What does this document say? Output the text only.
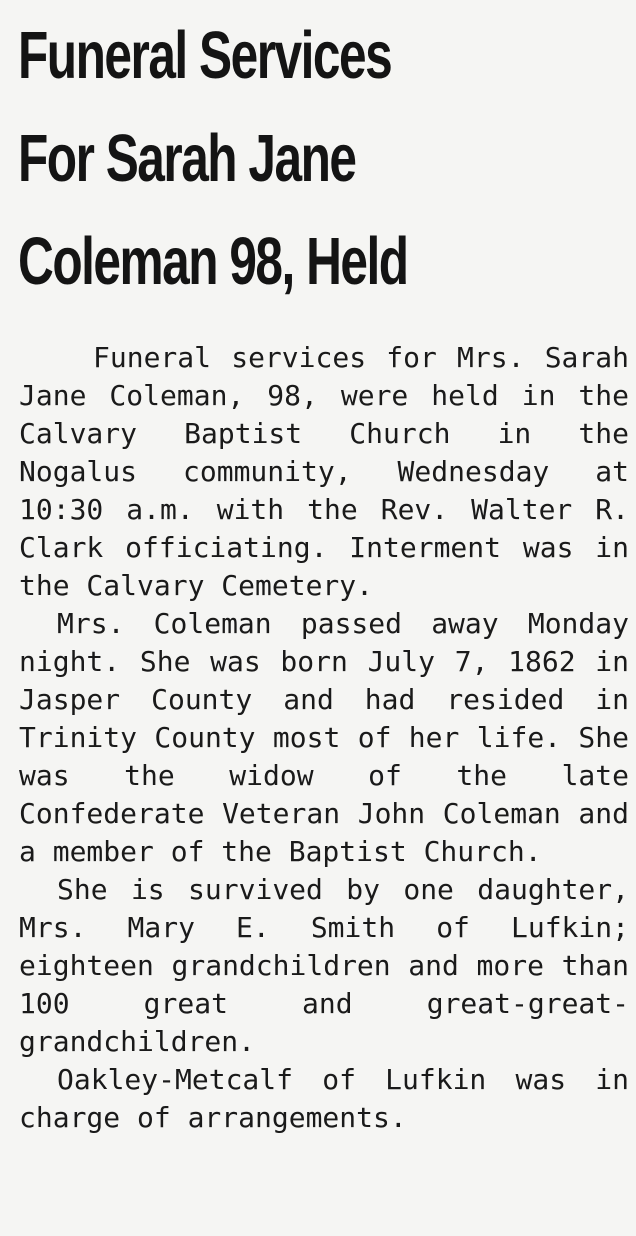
Funeral Services
For Sarah Jane
Coleman 98, Held

Funeral services for Mrs. Sarah Jane Coleman, 98, were held in the Calvary Baptist Church in the Nogalus community, Wednesday at 10:30 a.m. with the Rev. Walter R. Clark officiating. Interment was in the Calvary Cemetery.

Mrs. Coleman passed away Monday night. She was born July 7, 1862 in Jasper County and had resided in Trinity County most of her life. She was the widow of the late Confederate Veteran John Coleman and a member of the Baptist Church.

She is survived by one daughter, Mrs. Mary E. Smith of Lufkin; eighteen grandchildren and more than 100 great and great-great-grandchildren.

Oakley-Metcalf of Lufkin was in charge of arrangements.
